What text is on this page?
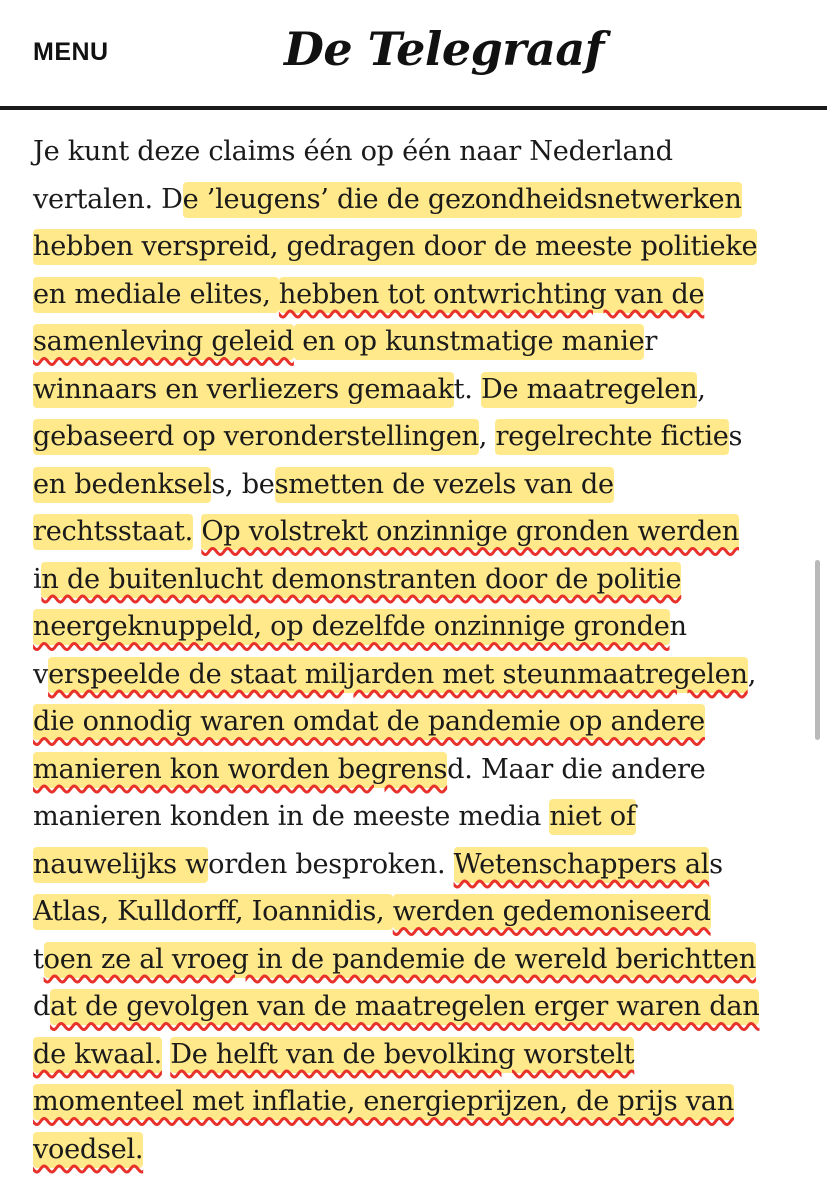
MENU	De Telegraaf
Je kunt deze claims één op één naar Nederland
vertalen. De ’leugens’ die de gezondheidsnetwerken
hebben verspreid, gedragen door de meeste politieke
en mediale elites, hebben tot ontwrichting van de
samenleving geleid en op kunstmatige manier
winnaars en verliezers gemaakt. De maatregelen,
gebaseerd op veronderstellingen, regelrechte ficties
en bedenksels, besmetten de vezels van de
rechtsstaat. Op volstrekt onzinnige gronden werden
in de buitenlucht demonstranten door de politie
neergeknuppeld, op dezelfde onzinnige gronden
verspeelde de staat miljarden met steunmaatregelen,
die onnodig waren omdat de pandemie op andere
manieren kon worden begrensd. Maar die andere
manieren konden in de meeste media niet of
nauwelijks worden besproken. Wetenschappers als
Atlas, Kulldorff, Ioannidis, werden gedemoniseerd
toen ze al vroeg in de pandemie de wereld berichtten
dat de gevolgen van de maatregelen erger waren dan
de kwaal. De helft van de bevolking worstelt
momenteel met inflatie, energieprijzen, de prijs van
voedsel.
